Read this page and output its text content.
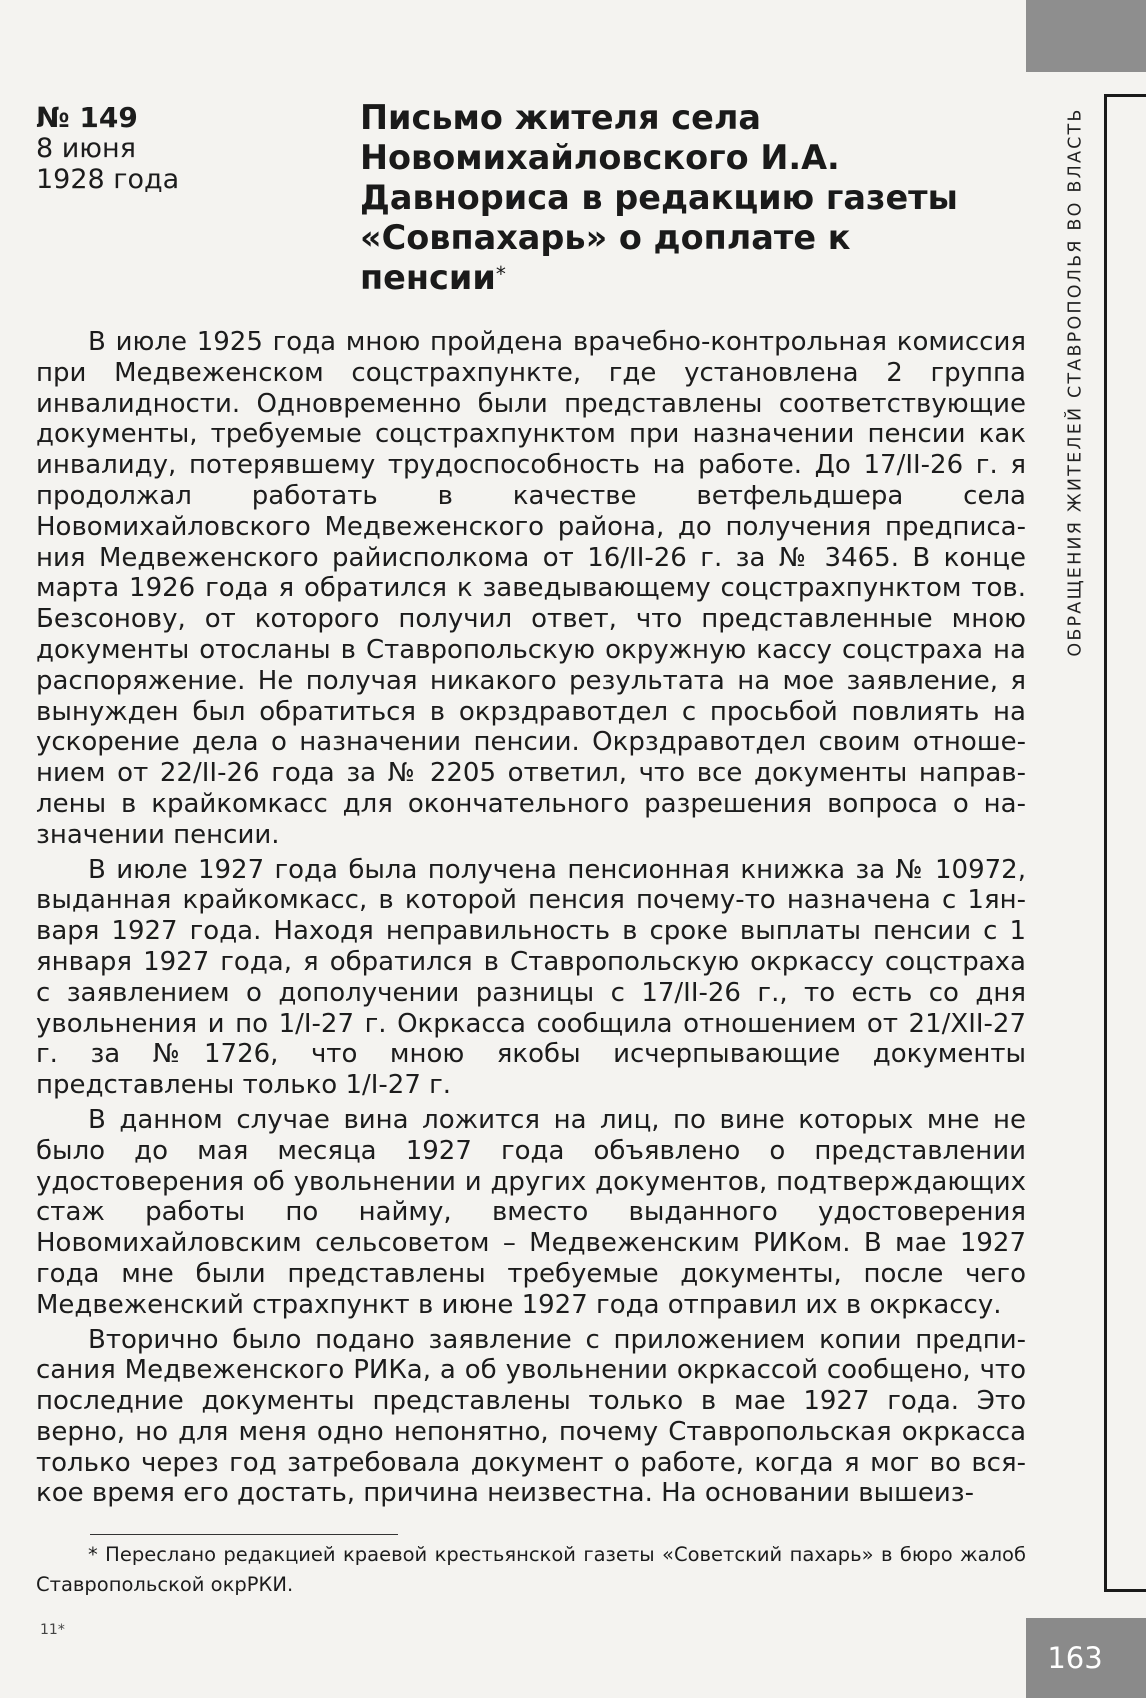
ОБРАЩЕНИЯ ЖИТЕЛЕЙ СТАВРОПОЛЬЯ ВО ВЛАСТЬ
№ 149
8 июня
1928 года
Письмо жителя села Новомихайловского И.А. Давнориса в редакцию газеты «Совпахарь» о доплате к пенсии*

В июле 1925 года мною пройдена врачебно-контрольная комиссия при Медвеженском соцстрахпункте, где установлена 2 группа инвалидности. Одновременно были представлены соответствующие документы, требуемые соцстрахпунктом при назначении пенсии как инвалиду, потерявшему трудоспособность на работе. До 17/II-26 г. я продолжал работать в качестве ветфельдшера села Новомихайловского Медвеженского района, до получения предписания Медвеженского райисполкома от 16/II-26 г. за № 3465. В конце марта 1926 года я обратился к заведывающему соцстрахпунктом тов. Безсонову, от которого получил ответ, что представленные мною документы отосланы в Ставропольскую окружную кассу соцстраха на распоряжение. Не получая никакого результата на мое заявление, я вынужден был обратиться в окрздравотдел с просьбой повлиять на ускорение дела о назначении пенсии. Окрздравотдел своим отношением от 22/II-26 года за № 2205 ответил, что все документы направлены в крайкомкасс для окончательного разрешения вопроса о назначении пенсии.

В июле 1927 года была получена пенсионная книжка за № 10972, выданная крайкомкасс, в которой пенсия почему-то назначена с 1января 1927 года. Находя неправильность в сроке выплаты пенсии с 1 января 1927 года, я обратился в Ставропольскую окркассу соцстраха с заявлением о дополучении разницы с 17/II-26 г., то есть со дня увольнения и по 1/I-27 г. Окркасса сообщила отношением от 21/XII-27 г. за №1726, что мною якобы исчерпывающие документы представлены только 1/I-27 г.

В данном случае вина ложится на лиц, по вине которых мне не было до мая месяца 1927 года объявлено о представлении удостоверения об увольнении и других документов, подтверждающих стаж работы по найму, вместо выданного удостоверения Новомихайловским сельсоветом – Медвеженским РИКом. В мае 1927 года мне были представлены требуемые документы, после чего Медвеженский страхпункт в июне 1927 года отправил их в окркассу.

Вторично было подано заявление с приложением копии предписания Медвеженского РИКа, а об увольнении окркассой сообщено, что последние документы представлены только в мае 1927 года. Это верно, но для меня одно непонятно, почему Ставропольская окркасса только через год затребовала документ о работе, когда я мог во всякое время его достать, причина неизвестна. На основании вышеиз-

* Переслано редакцией краевой крестьянской газеты «Советский пахарь» в бюро жалоб Ставропольской окрРКИ.
11*
163
